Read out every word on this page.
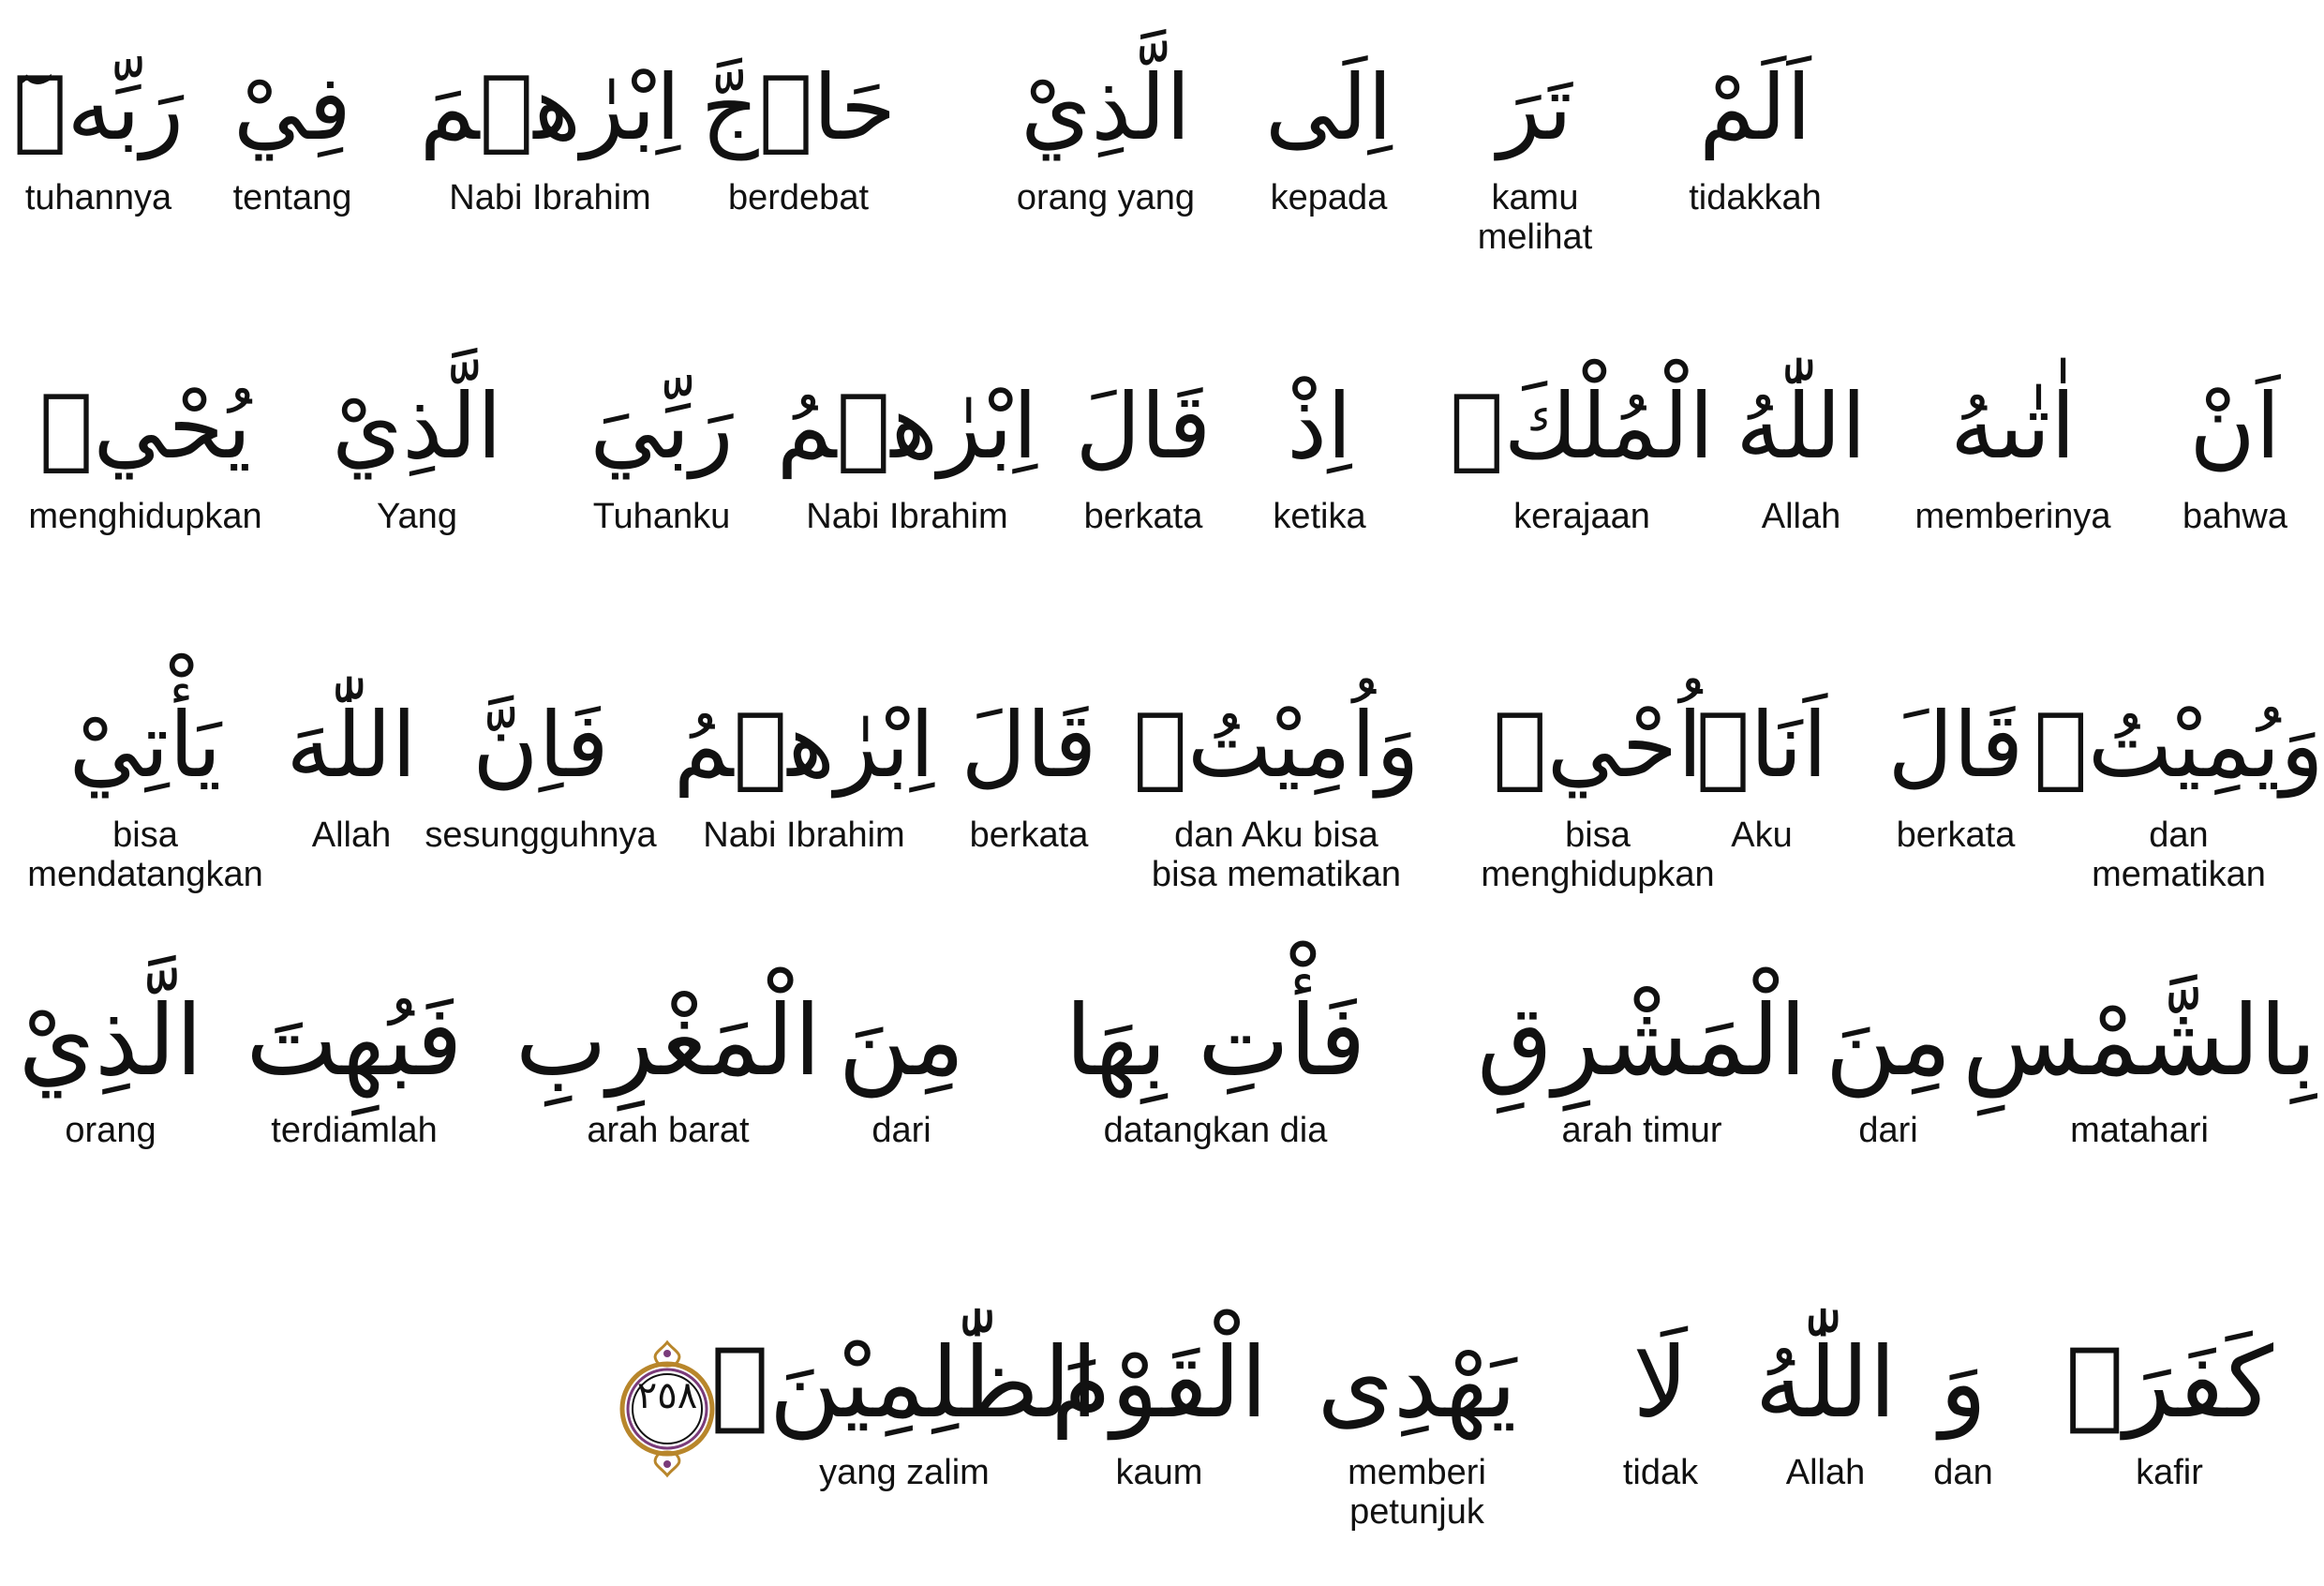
اَلَمْ
tidakkah
تَرَ
kamu
melihat
اِلَى
kepada
الَّذِيْ
orang yang
حَاۤجَّ
berdebat
اِبْرٰهٖمَ
Nabi Ibrahim
فِيْ
tentang
رَبِّهٖٓ
tuhannya
اَنْ
bahwa
اٰتٰىهُ
memberinya
اللّٰهُ
Allah
الْمُلْكَۘ
kerajaan
اِذْ
ketika
قَالَ
berkata
اِبْرٰهٖمُ
Nabi Ibrahim
رَبِّيَ
Tuhanku
الَّذِيْ
Yang
يُحْيٖ
menghidupkan
وَيُمِيْتُۙ
dan
mematikan
قَالَ
berkata
اَنَا۠
Aku
اُحْيٖ
bisa
menghidupkan
وَاُمِيْتُۗ
dan Aku bisa
bisa mematikan
قَالَ
berkata
اِبْرٰهٖمُ
Nabi Ibrahim
فَاِنَّ
sesungguhnya
اللّٰهَ
Allah
يَأْتِيْ
bisa
mendatangkan
بِالشَّمْسِ
matahari
مِنَ
dari
الْمَشْرِقِ
arah timur
فَأْتِ بِهَا
datangkan dia
مِنَ
dari
الْمَغْرِبِ
arah barat
فَبُهِتَ
terdiamlah
الَّذِيْ
orang
كَفَرَۗ
kafir
وَ
dan
اللّٰهُ
Allah
لَا
tidak
يَهْدِى
memberi
petunjuk
الْقَوْمَ
kaum
الظّٰلِمِيْنَۚ
yang zalim
٢٥٨
